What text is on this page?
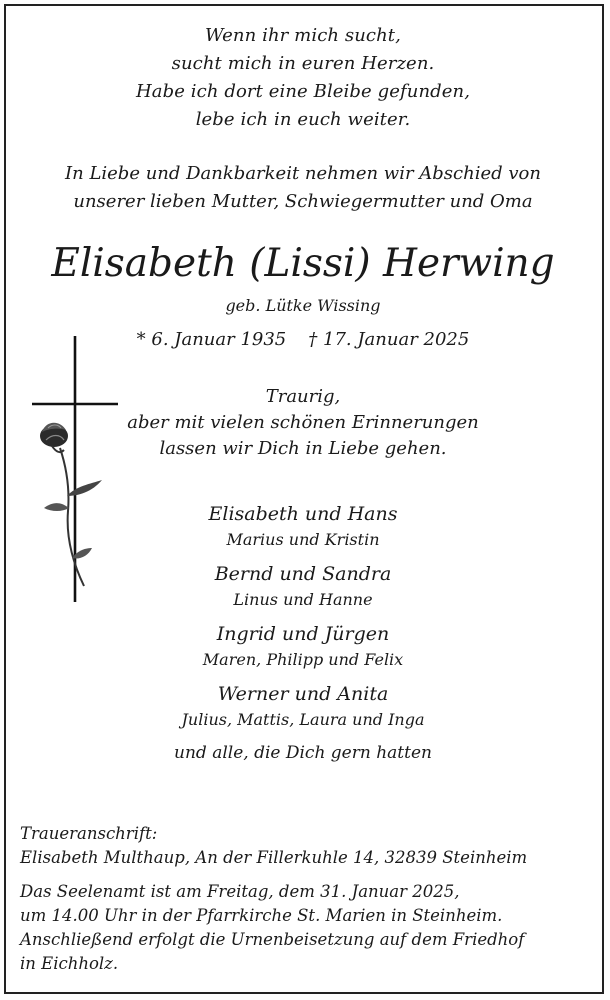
Wenn ihr mich sucht,
sucht mich in euren Herzen.
Habe ich dort eine Bleibe gefunden,
lebe ich in euch weiter.
In Liebe und Dankbarkeit nehmen wir Abschied von
unserer lieben Mutter, Schwiegermutter und Oma
Elisabeth (Lissi) Herwing
geb. Lütke Wissing
* 6. Januar 1935 † 17. Januar 2025
Traurig,
aber mit vielen schönen Erinnerungen
lassen wir Dich in Liebe gehen.
Elisabeth und Hans
Marius und Kristin
Bernd und Sandra
Linus und Hanne
Ingrid und Jürgen
Maren, Philipp und Felix
Werner und Anita
Julius, Mattis, Laura und Inga
und alle, die Dich gern hatten
Traueranschrift:
Elisabeth Multhaup, An der Fillerkuhle 14, 32839 Steinheim
Das Seelenamt ist am Freitag, dem 31. Januar 2025,
um 14.00 Uhr in der Pfarrkirche St. Marien in Steinheim.
Anschließend erfolgt die Urnenbeisetzung auf dem Friedhof
in Eichholz.
